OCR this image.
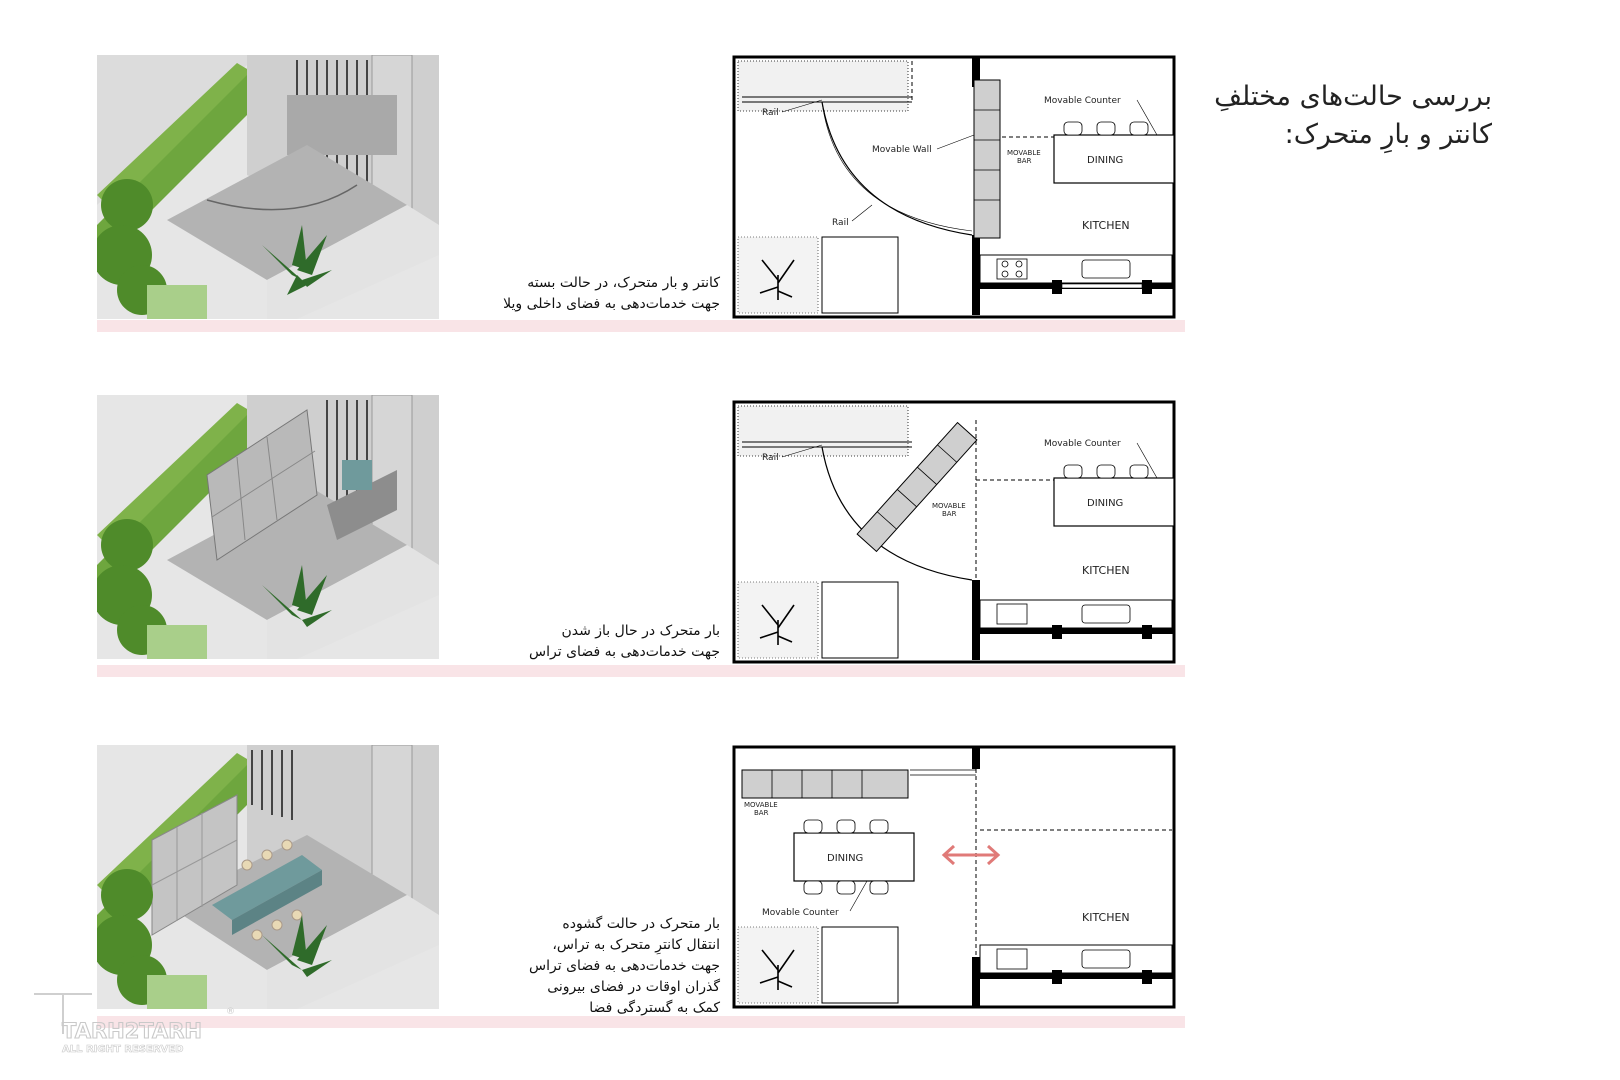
بررسی حالت‌های مختلفِ
کانتر و بارِ متحرک:
کانتر و بار متحرک، در حالت بسته
جهت خدمات‌دهی به فضای داخلی ویلا
بار متحرک در حال باز شدن
جهت خدمات‌دهی به فضای تراس
بار متحرک در حالت گشوده
انتقال کانترِ متحرک به تراس،
جهت خدمات‌دهی به فضای تراس
گذران اوقات در فضای بیرونی
کمک به گستردگی فضا
Rail
Rail
Movable Wall
Movable Counter
MOVABLE
BAR	DINING
KITCHEN
Rail
Movable Counter
MOVABLE
BAR
DINING
KITCHEN
MOVABLE
BAR
DINING
Movable Counter	KITCHEN
TARH2TARH
®
ALL RIGHT RESERVED
